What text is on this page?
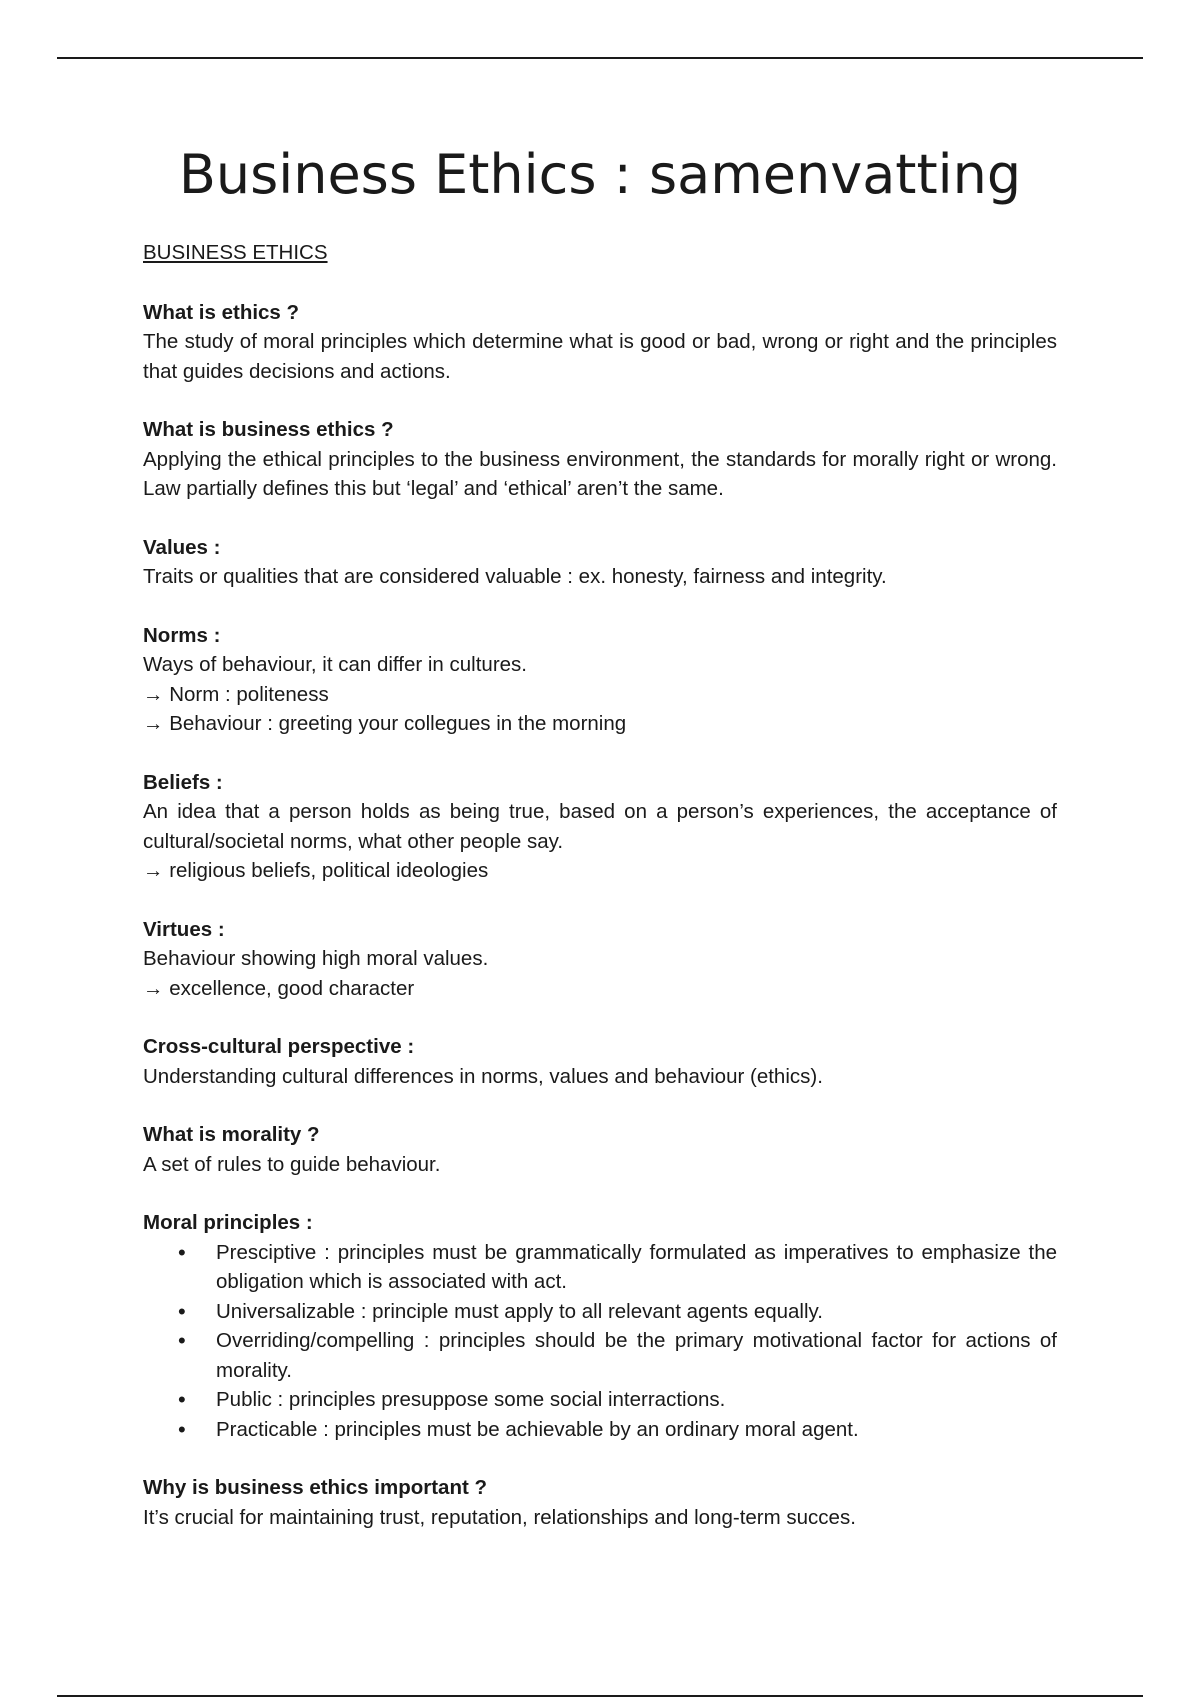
Business Ethics : samenvatting

BUSINESS ETHICS

What is ethics ?

The study of moral principles which determine what is good or bad, wrong or right and the principles that guides decisions and actions.

What is business ethics ?

Applying the ethical principles to the business environment, the standards for morally right or wrong. Law partially defines this but ‘legal’ and ‘ethical’ aren’t the same.

Values :

Traits or qualities that are considered valuable : ex. honesty, fairness and integrity.

Norms :

Ways of behaviour, it can differ in cultures.

→ Norm : politeness

→ Behaviour : greeting your collegues in the morning

Beliefs :

An idea that a person holds as being true, based on a person’s experiences, the acceptance of cultural/societal norms, what other people say.

→ religious beliefs, political ideologies

Virtues :

Behaviour showing high moral values.

→ excellence, good character

Cross-cultural perspective :

Understanding cultural differences in norms, values and behaviour (ethics).

What is morality ?

A set of rules to guide behaviour.

Moral principles :

• Presciptive : principles must be grammatically formulated as imperatives to emphasize the obligation which is associated with act.
• Universalizable : principle must apply to all relevant agents equally.
• Overriding/compelling : principles should be the primary motivational factor for actions of morality.
• Public : principles presuppose some social interractions.
• Practicable : principles must be achievable by an ordinary moral agent.

Why is business ethics important ?

It’s crucial for maintaining trust, reputation, relationships and long-term succes.
